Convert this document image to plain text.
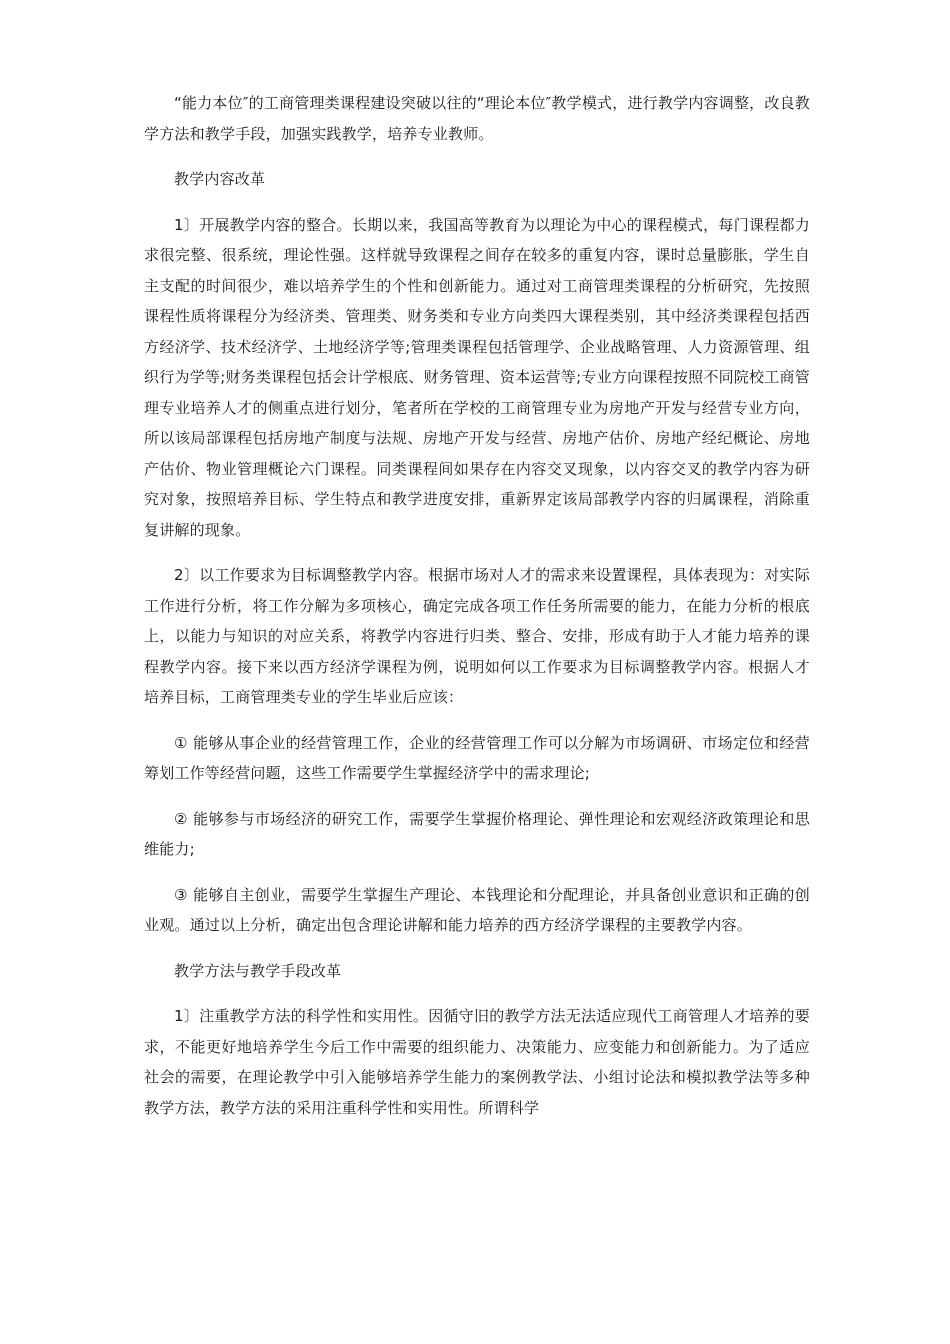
“能力本位″的工商管理类课程建设突破以往的“理论本位″教学模式，进行教学内容调整，改良教学方法和教学手段，加强实践教学，培养专业教师。

教学内容改革

1〕开展教学内容的整合。长期以来，我国高等教育为以理论为中心的课程模式，每门课程都力求很完整、很系统，理论性强。这样就导致课程之间存在较多的重复内容，课时总量膨胀，学生自主支配的时间很少，难以培养学生的个性和创新能力。通过对工商管理类课程的分析研究，先按照课程性质将课程分为经济类、管理类、财务类和专业方向类四大课程类别，其中经济类课程包括西方经济学、技术经济学、土地经济学等;管理类课程包括管理学、企业战略管理、人力资源管理、组织行为学等;财务类课程包括会计学根底、财务管理、资本运营等;专业方向课程按照不同院校工商管理专业培养人才的侧重点进行划分，笔者所在学校的工商管理专业为房地产开发与经营专业方向，所以该局部课程包括房地产制度与法规、房地产开发与经营、房地产估价、房地产经纪概论、房地产估价、物业管理概论六门课程。同类课程间如果存在内容交叉现象，以内容交叉的教学内容为研究对象，按照培养目标、学生特点和教学进度安排，重新界定该局部教学内容的归属课程，消除重复讲解的现象。

2〕以工作要求为目标调整教学内容。根据市场对人才的需求来设置课程，具体表现为：对实际工作进行分析，将工作分解为多项核心，确定完成各项工作任务所需要的能力，在能力分析的根底上，以能力与知识的对应关系，将教学内容进行归类、整合、安排，形成有助于人才能力培养的课程教学内容。接下来以西方经济学课程为例，说明如何以工作要求为目标调整教学内容。根据人才培养目标，工商管理类专业的学生毕业后应该：

① 能够从事企业的经营管理工作，企业的经营管理工作可以分解为市场调研、市场定位和经营筹划工作等经营问题，这些工作需要学生掌握经济学中的需求理论;

② 能够参与市场经济的研究工作，需要学生掌握价格理论、弹性理论和宏观经济政策理论和思维能力;

③ 能够自主创业，需要学生掌握生产理论、本钱理论和分配理论，并具备创业意识和正确的创业观。通过以上分析，确定出包含理论讲解和能力培养的西方经济学课程的主要教学内容。

教学方法与教学手段改革

1〕注重教学方法的科学性和实用性。因循守旧的教学方法无法适应现代工商管理人才培养的要求，不能更好地培养学生今后工作中需要的组织能力、决策能力、应变能力和创新能力。为了适应社会的需要，在理论教学中引入能够培养学生能力的案例教学法、小组讨论法和模拟教学法等多种教学方法，教学方法的采用注重科学性和实用性。所谓科学
